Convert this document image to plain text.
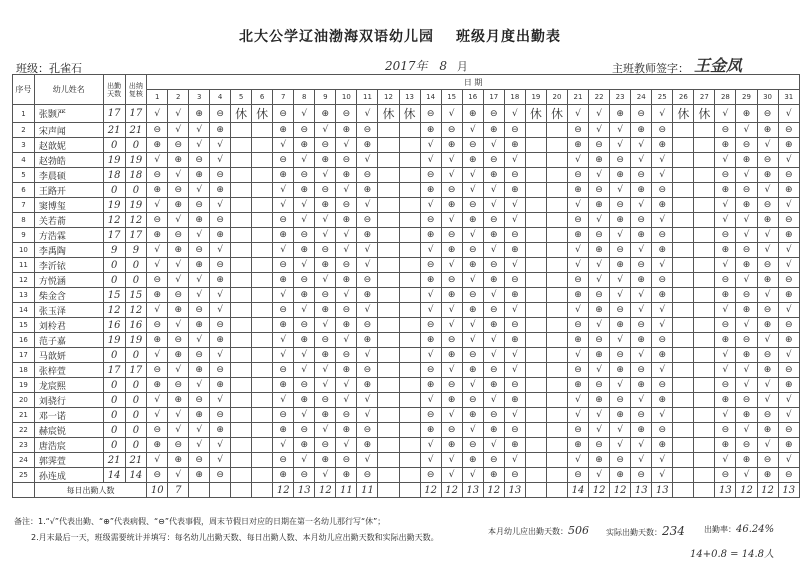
北大公学辽油渤海双语幼儿园 班级月度出勤表
班级：孔雀石	2017年 8 月	主班教师签字： 王金凤
序号	幼儿姓名	出勤天数	出纳复核	日 期																														
				1	2	3	4	5	6	7	8	9	10	11	12	13	14	15	16	17	18	19	20	21	22	23	24	25	26	27	28	29	30	31
1	张颢严	17	17	√	√	⊕	⊖	休	休	⊖	√	⊕	⊖	√	休	休	⊖	√	⊕	⊖	√	休	休	√	√	⊕	⊖	√	休	休	√	⊕	⊖	√
2	宋声闻	21	21	⊖	√	√	⊕			⊕	⊖	√	⊕	⊖			⊕	⊖	√	⊕	⊖			⊖	√	√	⊕	⊖			⊖	√	⊕	⊖
3	赵歆妮	0	0	⊕	⊖	√	√			√	⊕	⊖	√	⊕			√	⊕	⊖	√	⊕			⊕	⊖	√	√	⊕			⊕	⊖	√	⊕
4	赵勃皓	19	19	√	⊕	⊖	√			⊖	√	⊕	⊖	√			√	√	⊕	⊖	√			√	⊕	⊖	√	√			√	⊕	⊖	√
5	李晨硕	18	18	⊖	√	⊕	⊖			⊕	⊖	√	⊕	⊖			⊖	√	√	⊕	⊖			⊖	√	⊕	⊖	√			⊖	√	⊕	⊖
6	王路开	0	0	⊕	⊖	√	⊕			√	⊕	⊖	√	⊕			⊕	⊖	√	√	⊕			⊕	⊖	√	⊕	⊖			⊕	⊖	√	⊕
7	窦博玺	19	19	√	⊕	⊖	√			√	√	⊕	⊖	√			√	⊕	⊖	√	√			√	⊕	⊖	√	⊕			√	⊕	⊖	√
8	关若萮	12	12	⊖	√	⊕	⊖			⊖	√	√	⊕	⊖			⊖	√	⊕	⊖	√			⊖	√	⊕	⊖	√			√	√	⊕	⊖
9	方浩霖	17	17	⊕	⊖	√	⊕			⊕	⊖	√	√	⊕			⊕	⊖	√	⊕	⊖			⊕	⊖	√	⊕	⊖			⊖	√	√	⊕
10	李禹陶	9	9	√	⊕	⊖	√			√	⊕	⊖	√	√			√	⊕	⊖	√	⊕			√	⊕	⊖	√	⊕			⊕	⊖	√	√
11	李沂铱	0	0	√	√	⊕	⊖			⊖	√	⊕	⊖	√			⊖	√	⊕	⊖	√			√	√	⊕	⊖	√			√	⊕	⊖	√
12	方悦涵	0	0	⊖	√	√	⊕			⊕	⊖	√	⊕	⊖			⊕	⊖	√	⊕	⊖			⊖	√	√	⊕	⊖			⊖	√	⊕	⊖
13	柴金含	15	15	⊕	⊖	√	√			√	⊕	⊖	√	⊕			√	⊕	⊖	√	⊕			⊕	⊖	√	√	⊕			⊕	⊖	√	⊕
14	张玉泽	12	12	√	⊕	⊖	√			⊖	√	⊕	⊖	√			√	√	⊕	⊖	√			√	⊕	⊖	√	√			√	⊕	⊖	√
15	刘柃君	16	16	⊖	√	⊕	⊖			⊕	⊖	√	⊕	⊖			⊖	√	√	⊕	⊖			⊖	√	⊕	⊖	√			⊖	√	⊕	⊖
16	范子嘉	19	19	⊕	⊖	√	⊕			√	⊕	⊖	√	⊕			⊕	⊖	√	√	⊕			⊕	⊖	√	⊕	⊖			⊕	⊖	√	⊕
17	马歆妍	0	0	√	⊕	⊖	√			√	√	⊕	⊖	√			√	⊕	⊖	√	√			√	⊕	⊖	√	⊕			√	⊕	⊖	√
18	张梓萱	17	17	⊖	√	⊕	⊖			⊖	√	√	⊕	⊖			⊖	√	⊕	⊖	√			⊖	√	⊕	⊖	√			√	√	⊕	⊖
19	龙宸熙	0	0	⊕	⊖	√	⊕			⊕	⊖	√	√	⊕			⊕	⊖	√	⊕	⊖			⊕	⊖	√	⊕	⊖			⊖	√	√	⊕
20	刘骁行	0	0	√	⊕	⊖	√			√	⊕	⊖	√	√			√	⊕	⊖	√	⊕			√	⊕	⊖	√	⊕			⊕	⊖	√	√
21	邓一诺	0	0	√	√	⊕	⊖			⊖	√	⊕	⊖	√			⊖	√	⊕	⊖	√			√	√	⊕	⊖	√			√	⊕	⊖	√
22	赫宸锐	0	0	⊖	√	√	⊕			⊕	⊖	√	⊕	⊖			⊕	⊖	√	⊕	⊖			⊖	√	√	⊕	⊖			⊖	√	⊕	⊖
23	唐浩宸	0	0	⊕	⊖	√	√			√	⊕	⊖	√	⊕			√	⊕	⊖	√	⊕			⊕	⊖	√	√	⊕			⊕	⊖	√	⊕
24	郭霁萱	21	21	√	⊕	⊖	√			⊖	√	⊕	⊖	√			√	√	⊕	⊖	√			√	⊕	⊖	√	√			√	⊕	⊖	√
25	孙连成	14	14	⊖	√	⊕	⊖			⊕	⊖	√	⊕	⊖			⊖	√	√	⊕	⊖			⊖	√	⊕	⊖	√			⊖	√	⊕	⊖
	每日出勤人数			10	7					12	13	12	11	11			12	12	13	12	13			14	12	12	13	13			13	12	12	13
备注：1.“√”代表出勤、“⊕”代表病假、“⊖”代表事假，周末节假日对应的日期在第一名幼儿那行写“休”；
2.月末最后一天，班级需要统计并填写：每名幼儿出勤天数、每日出勤人数、本月幼儿应出勤天数和实际出勤天数。
本月幼儿应出勤天数：506 实际出勤天数：234 出勤率：46.24%
14+0.8 = 14.8人
